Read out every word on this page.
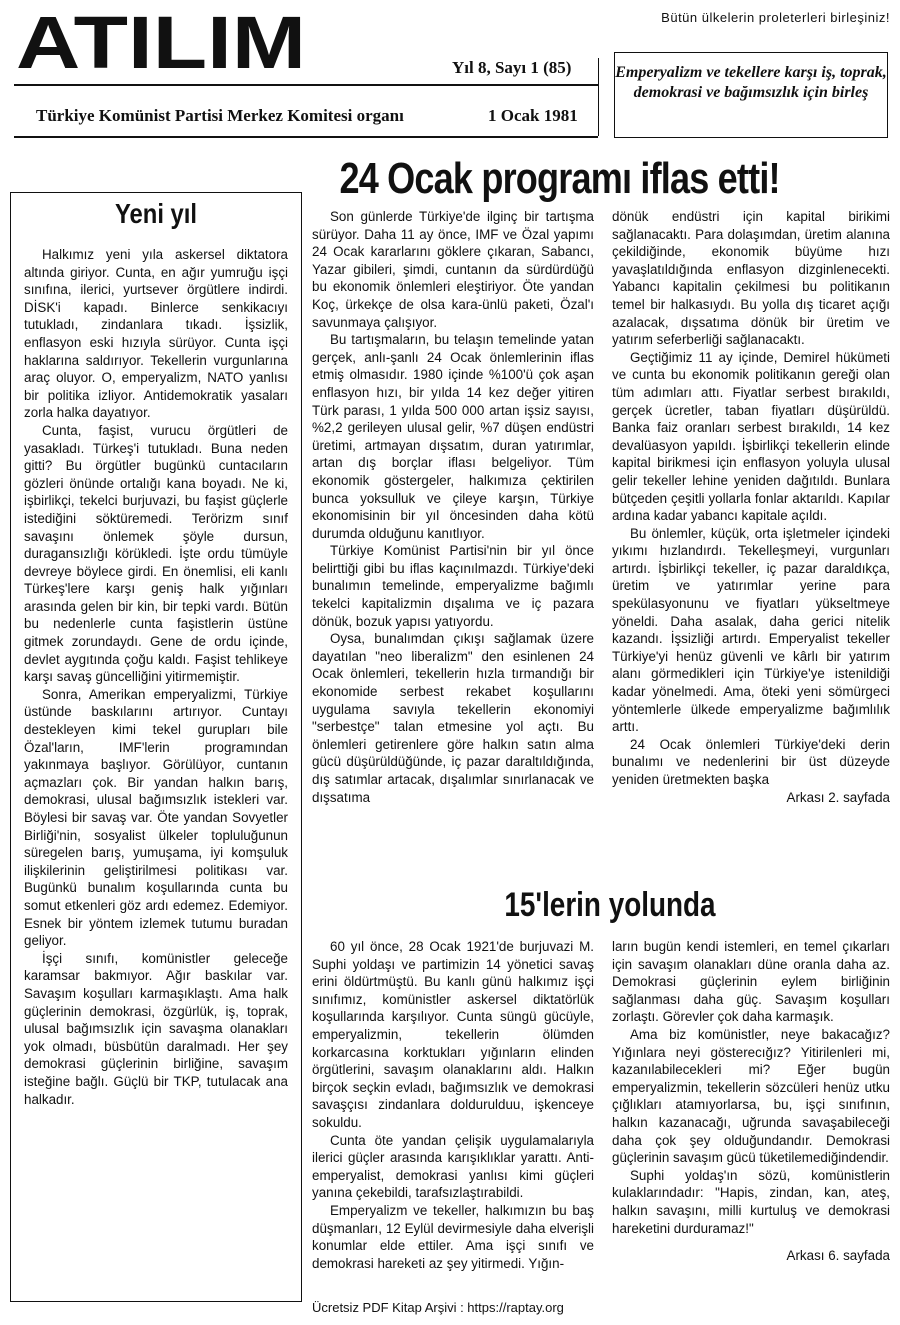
ATILIM	Bütün ülkelerin proleterleri birleşiniz!
Yıl 8, Sayı 1 (85)
Türkiye Komünist Partisi Merkez Komitesi organı	1 Ocak 1981
Emperyalizm ve tekellere karşı iş, toprak, demokrasi ve bağımsızlık için birleş
24 Ocak programı iflas etti!
Yeni yıl

Halkımız yeni yıla askersel diktatora altında giriyor. Cunta, en ağır yumruğu işçi sınıfına, ilerici, yurtsever örgütlere indirdi. DİSK'i kapadı. Binlerce senkikacıyı tutukladı, zindanlara tıkadı. İşsizlik, enflasyon eski hızıyla sürüyor. Cunta işçi haklarına saldırıyor. Tekellerin vurgunlarına araç oluyor. O, emperyalizm, NATO yanlısı bir politika izliyor. Antidemokratik yasaları zorla halka dayatıyor.

Cunta, faşist, vurucu örgütleri de yasakladı. Türkeş'i tutukladı. Buna neden gitti? Bu örgütler bugünkü cuntacıların gözleri önünde ortalığı kana boyadı. Ne ki, işbirlikçi, tekelci burjuvazi, bu faşist güçlerle istediğini söktüremedi. Terörizm sınıf savaşını önlemek şöyle dursun, duragansızlığı körükledi. İşte ordu tümüyle devreye böylece girdi. En önemlisi, eli kanlı Türkeş'lere karşı geniş halk yığınları arasında gelen bir kin, bir tepki vardı. Bütün bu nedenlerle cunta faşistlerin üstüne gitmek zorundaydı. Gene de ordu içinde, devlet aygıtında çoğu kaldı. Faşist tehlikeye karşı savaş güncelliğini yitirmemiştir.

Sonra, Amerikan emperyalizmi, Türkiye üstünde baskılarını artırıyor. Cuntayı destekleyen kimi tekel gurupları bile Özal'ların, IMF'lerin programından yakınmaya başlıyor. Görülüyor, cuntanın açmazları çok. Bir yandan halkın barış, demokrasi, ulusal bağımsızlık istekleri var. Böylesi bir savaş var. Öte yandan Sovyetler Birliği'nin, sosyalist ülkeler topluluğunun süregelen barış, yumuşama, iyi komşuluk ilişkilerinin geliştirilmesi politikası var. Bugünkü bunalım koşullarında cunta bu somut etkenleri göz ardı edemez. Edemiyor. Esnek bir yöntem izlemek tutumu buradan geliyor.

İşçi sınıfı, komünistler geleceğe karamsar bakmıyor. Ağır baskılar var. Savaşım koşulları karmaşıklaştı. Ama halk güçlerinin demokrasi, özgürlük, iş, toprak, ulusal bağımsızlık için savaşma olanakları yok olmadı, büsbütün daralmadı. Her şey demokrasi güçlerinin birliğine, savaşım isteğine bağlı. Güçlü bir TKP, tutulacak ana halkadır.

Son günlerde Türkiye'de ilginç bir tartışma sürüyor. Daha 11 ay önce, IMF ve Özal yapımı 24 Ocak kararlarını göklere çıkaran, Sabancı, Yazar gibileri, şimdi, cuntanın da sürdürdüğü bu ekonomik önlemleri eleştiriyor. Öte yandan Koç, ürkekçe de olsa kara-ünlü paketi, Özal'ı savunmaya çalışıyor.

Bu tartışmaların, bu telaşın temelinde yatan gerçek, anlı-şanlı 24 Ocak önlemlerinin iflas etmiş olmasıdır. 1980 içinde %100'ü çok aşan enflasyon hızı, bir yılda 14 kez değer yitiren Türk parası, 1 yılda 500 000 artan işsiz sayısı, %2,2 gerileyen ulusal gelir, %7 düşen endüstri üretimi, artmayan dışsatım, duran yatırımlar, artan dış borçlar iflası belgeliyor. Tüm ekonomik göstergeler, halkımıza çektirilen bunca yoksulluk ve çileye karşın, Türkiye ekonomisinin bir yıl öncesinden daha kötü durumda olduğunu kanıtlıyor.

Türkiye Komünist Partisi'nin bir yıl önce belirttiği gibi bu iflas kaçınılmazdı. Türkiye'deki bunalımın temelinde, emperyalizme bağımlı tekelci kapitalizmin dışalıma ve iç pazara dönük, bozuk yapısı yatıyordu.

Oysa, bunalımdan çıkışı sağlamak üzere dayatılan "neo liberalizm" den esinlenen 24 Ocak önlemleri, tekellerin hızla tırmandığı bir ekonomide serbest rekabet koşullarını uygulama savıyla tekellerin ekonomiyi "serbestçe" talan etmesine yol açtı. Bu önlemleri getirenlere göre halkın satın alma gücü düşürüldüğünde, iç pazar daraltıldığında, dış satımlar artacak, dışalımlar sınırlanacak ve dışsatıma

dönük endüstri için kapital birikimi sağlanacaktı. Para dolaşımdan, üretim alanına çekildiğinde, ekonomik büyüme hızı yavaşlatıldığında enflasyon dizginlenecekti. Yabancı kapitalin çekilmesi bu politikanın temel bir halkasıydı. Bu yolla dış ticaret açığı azalacak, dışsatıma dönük bir üretim ve yatırım seferberliği sağlanacaktı.

Geçtiğimiz 11 ay içinde, Demirel hükümeti ve cunta bu ekonomik politikanın gereği olan tüm adımları attı. Fiyatlar serbest bırakıldı, gerçek ücretler, taban fiyatları düşürüldü. Banka faiz oranları serbest bırakıldı, 14 kez devalüasyon yapıldı. İşbirlikçi tekellerin elinde kapital birikmesi için enflasyon yoluyla ulusal gelir tekeller lehine yeniden dağıtıldı. Bunlara bütçeden çeşitli yollarla fonlar aktarıldı. Kapılar ardına kadar yabancı kapitale açıldı.

Bu önlemler, küçük, orta işletmeler içindeki yıkımı hızlandırdı. Tekelleşmeyi, vurgunları artırdı. İşbirlikçi tekeller, iç pazar daraldıkça, üretim ve yatırımlar yerine para spekülasyonunu ve fiyatları yükseltmeye yöneldi. Daha asalak, daha gerici nitelik kazandı. İşsizliği artırdı. Emperyalist tekeller Türkiye'yi henüz güvenli ve kârlı bir yatırım alanı görmedikleri için Türkiye'ye istenildiği kadar yönelmedi. Ama, öteki yeni sömürgeci yöntemlerle ülkede emperyalizme bağımlılık arttı.

24 Ocak önlemleri Türkiye'deki derin bunalımı ve nedenlerini bir üst düzeyde yeniden üretmekten başka

Arkası 2. sayfada
15'lerin yolunda

60 yıl önce, 28 Ocak 1921'de burjuvazi M. Suphi yoldaşı ve partimizin 14 yönetici savaş erini öldürtmüştü. Bu kanlı günü halkımız işçi sınıfımız, komünistler askersel diktatörlük koşullarında karşılıyor. Cunta süngü gücüyle, emperyalizmin, tekellerin ölümden korkarcasına korktukları yığınların elinden örgütlerini, savaşım olanaklarını aldı. Halkın birçok seçkin evladı, bağımsızlık ve demokrasi savaşçısı zindanlara doldurulduu, işkenceye sokuldu.

Cunta öte yandan çelişik uygulamalarıyla ilerici güçler arasında karışıklıklar yarattı. Anti-emperyalist, demokrasi yanlısı kimi güçleri yanına çekebildi, tarafsızlaştırabildi.

Emperyalizm ve tekeller, halkımızın bu baş düşmanları, 12 Eylül devirmesiyle daha elverişli konumlar elde ettiler. Ama işçi sınıfı ve demokrasi hareketi az şey yitirmedi. Yığın-

ların bugün kendi istemleri, en temel çıkarları için savaşım olanakları düne oranla daha az. Demokrasi güçlerinin eylem birliğinin sağlanması daha güç. Savaşım koşulları zorlaştı. Görevler çok daha karmaşık.

Ama biz komünistler, neye bakacağız? Yığınlara neyi gösterecığız? Yitirilenleri mi, kazanılabilecekleri mi? Eğer bugün emperyalizmin, tekellerin sözcüleri henüz utku çığlıkları atamıyorlarsa, bu, işçi sınıfının, halkın kazanacağı, uğrunda savaşabileceği daha çok şey olduğundandır. Demokrasi güçlerinin savaşım gücü tüketilemediğindendir.

Suphi yoldaş'ın sözü, komünistlerin kulaklarındadır: "Hapis, zindan, kan, ateş, halkın savaşını, milli kurtuluş ve demokrasi hareketini durduramaz!"

Arkası 6. sayfada
Ücretsiz PDF Kitap Arşivi : https://raptay.org
